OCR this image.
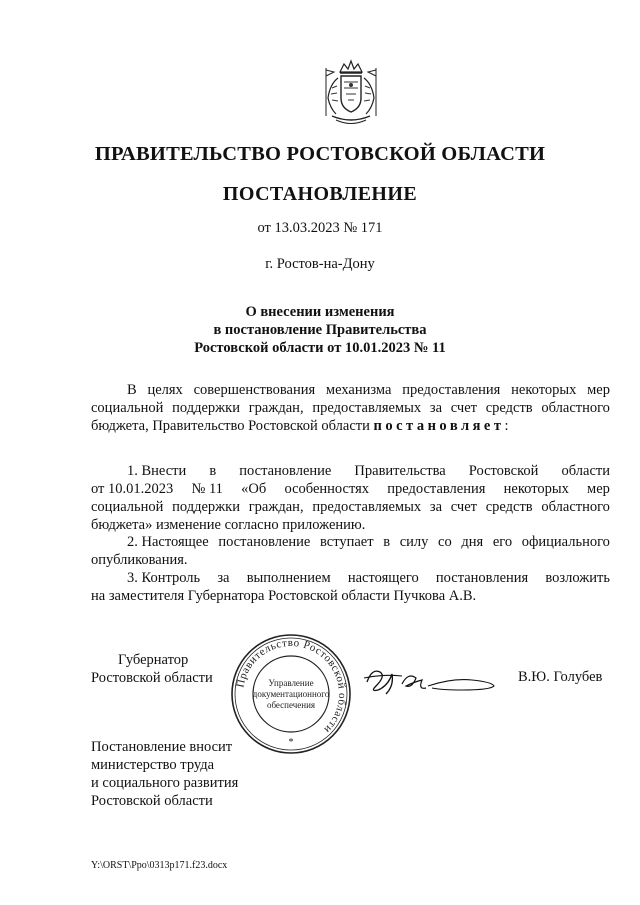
ПРАВИТЕЛЬСТВО РОСТОВСКОЙ ОБЛАСТИ
ПОСТАНОВЛЕНИЕ
от 13.03.2023 № 171
г. Ростов-на-Дону
О внесении изменения
в постановление Правительства
Ростовской области от 10.01.2023 № 11
В целях совершенствования механизма предоставления некоторых мер
социальной поддержки граждан, предоставляемых за счет средств областного
бюджета, Правительство Ростовской области постановляет:
1. Внести в постановление Правительства Ростовской области
от 10.01.2023 № 11 «Об особенностях предоставления некоторых мер
социальной поддержки граждан, предоставляемых за счет средств областного
бюджета» изменение согласно приложению.
2. Настоящее постановление вступает в силу со дня его официального
опубликования.
3. Контроль за выполнением настоящего постановления возложить
на заместителя Губернатора Ростовской области Пучкова А.В.
Губернатор
Ростовской области Правительство Ростовской области
Управление
документационного
обеспечения
*
В.Ю. Голубев
Постановление вносит
министерство труда
и социального развития
Ростовской области
Y:\ORST\Ppo\0313p171.f23.docx
